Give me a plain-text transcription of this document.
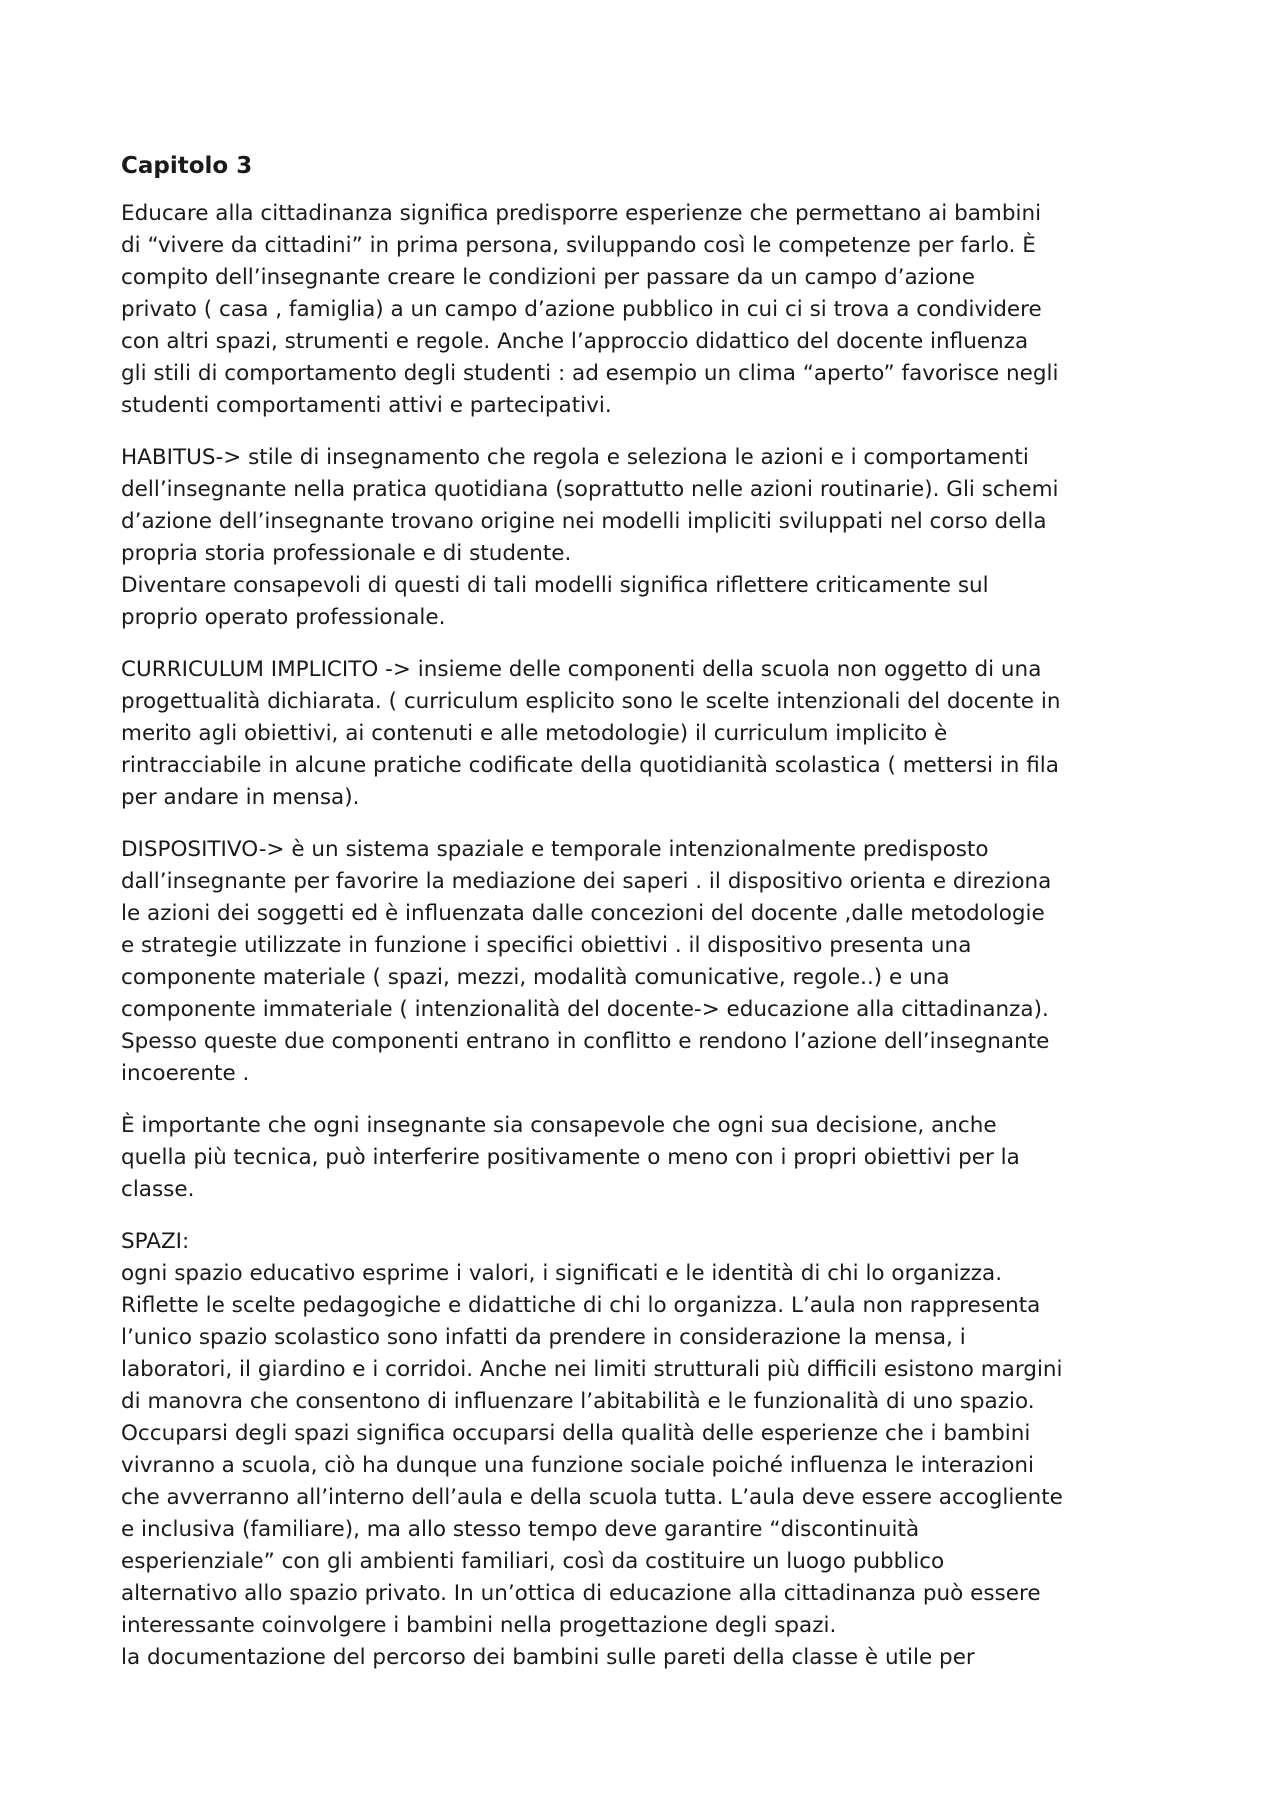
Capitolo 3
Educare alla cittadinanza significa predisporre esperienze che permettano ai bambini
di “vivere da cittadini” in prima persona, sviluppando così le competenze per farlo. È
compito dell’insegnante creare le condizioni per passare da un campo d’azione
privato ( casa , famiglia) a un campo d’azione pubblico in cui ci si trova a condividere
con altri spazi, strumenti e regole. Anche l’approccio didattico del docente influenza
gli stili di comportamento degli studenti : ad esempio un clima “aperto” favorisce negli
studenti comportamenti attivi e partecipativi.
HABITUS-> stile di insegnamento che regola e seleziona le azioni e i comportamenti
dell’insegnante nella pratica quotidiana (soprattutto nelle azioni routinarie). Gli schemi
d’azione dell’insegnante trovano origine nei modelli impliciti sviluppati nel corso della
propria storia professionale e di studente.
Diventare consapevoli di questi di tali modelli significa riflettere criticamente sul
proprio operato professionale.
CURRICULUM IMPLICITO -> insieme delle componenti della scuola non oggetto di una
progettualità dichiarata. ( curriculum esplicito sono le scelte intenzionali del docente in
merito agli obiettivi, ai contenuti e alle metodologie) il curriculum implicito è
rintracciabile in alcune pratiche codificate della quotidianità scolastica ( mettersi in fila
per andare in mensa).
DISPOSITIVO-> è un sistema spaziale e temporale intenzionalmente predisposto
dall’insegnante per favorire la mediazione dei saperi . il dispositivo orienta e direziona
le azioni dei soggetti ed è influenzata dalle concezioni del docente ,dalle metodologie
e strategie utilizzate in funzione i specifici obiettivi . il dispositivo presenta una
componente materiale ( spazi, mezzi, modalità comunicative, regole..) e una
componente immateriale ( intenzionalità del docente-> educazione alla cittadinanza).
Spesso queste due componenti entrano in conflitto e rendono l’azione dell’insegnante
incoerente .
È importante che ogni insegnante sia consapevole che ogni sua decisione, anche
quella più tecnica, può interferire positivamente o meno con i propri obiettivi per la
classe.
SPAZI:
ogni spazio educativo esprime i valori, i significati e le identità di chi lo organizza.
Riflette le scelte pedagogiche e didattiche di chi lo organizza. L’aula non rappresenta
l’unico spazio scolastico sono infatti da prendere in considerazione la mensa, i
laboratori, il giardino e i corridoi. Anche nei limiti strutturali più difficili esistono margini
di manovra che consentono di influenzare l’abitabilità e le funzionalità di uno spazio.
Occuparsi degli spazi significa occuparsi della qualità delle esperienze che i bambini
vivranno a scuola, ciò ha dunque una funzione sociale poiché influenza le interazioni
che avverranno all’interno dell’aula e della scuola tutta. L’aula deve essere accogliente
e inclusiva (familiare), ma allo stesso tempo deve garantire “discontinuità
esperienziale” con gli ambienti familiari, così da costituire un luogo pubblico
alternativo allo spazio privato. In un’ottica di educazione alla cittadinanza può essere
interessante coinvolgere i bambini nella progettazione degli spazi.
la documentazione del percorso dei bambini sulle pareti della classe è utile per
